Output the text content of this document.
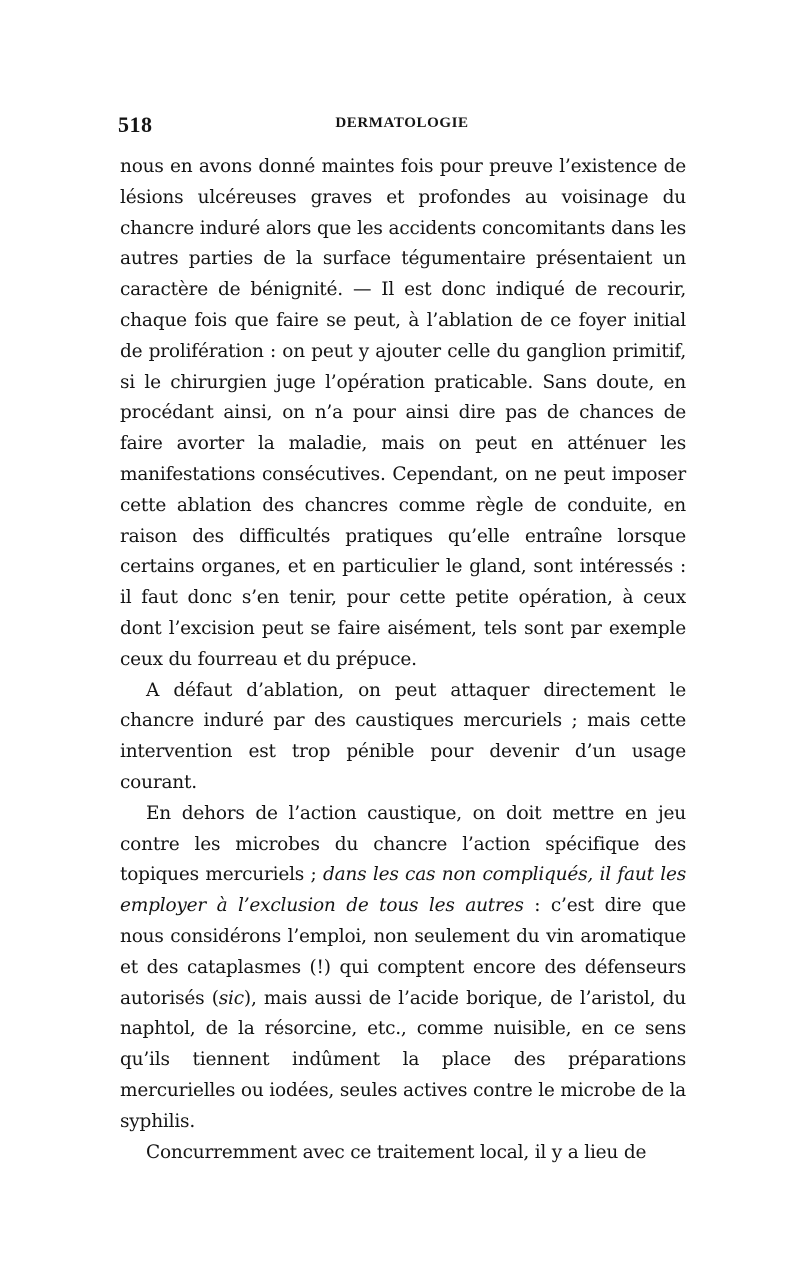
518	DERMATOLOGIE

nous en avons donné maintes fois pour preuve l’existence de lésions ulcéreuses graves et profondes au voisinage du chancre induré alors que les accidents concomitants dans les autres parties de la surface tégumentaire présentaient un caractère de bénignité. — Il est donc indiqué de recourir, chaque fois que faire se peut, à l’ablation de ce foyer initial de prolifération : on peut y ajouter celle du ganglion primitif, si le chirurgien juge l’opération praticable. Sans doute, en procédant ainsi, on n’a pour ainsi dire pas de chances de faire avorter la maladie, mais on peut en atténuer les manifestations consécutives. Cependant, on ne peut imposer cette ablation des chancres comme règle de conduite, en raison des difficultés pratiques qu’elle entraîne lorsque certains organes, et en particulier le gland, sont intéressés : il faut donc s’en tenir, pour cette petite opération, à ceux dont l’excision peut se faire aisément, tels sont par exemple ceux du fourreau et du prépuce.

A défaut d’ablation, on peut attaquer directement le chancre induré par des caustiques mercuriels ; mais cette intervention est trop pénible pour devenir d’un usage courant.

En dehors de l’action caustique, on doit mettre en jeu contre les microbes du chancre l’action spécifique des topiques mercuriels ; dans les cas non compliqués, il faut les employer à l’exclusion de tous les autres : c’est dire que nous considérons l’emploi, non seulement du vin aromatique et des cataplasmes (!) qui comptent encore des défenseurs autorisés (sic), mais aussi de l’acide borique, de l’aristol, du naphtol, de la résorcine, etc., comme nuisible, en ce sens qu’ils tiennent indûment la place des préparations mercurielles ou iodées, seules actives contre le microbe de la syphilis.

Concurremment avec ce traitement local, il y a lieu de
